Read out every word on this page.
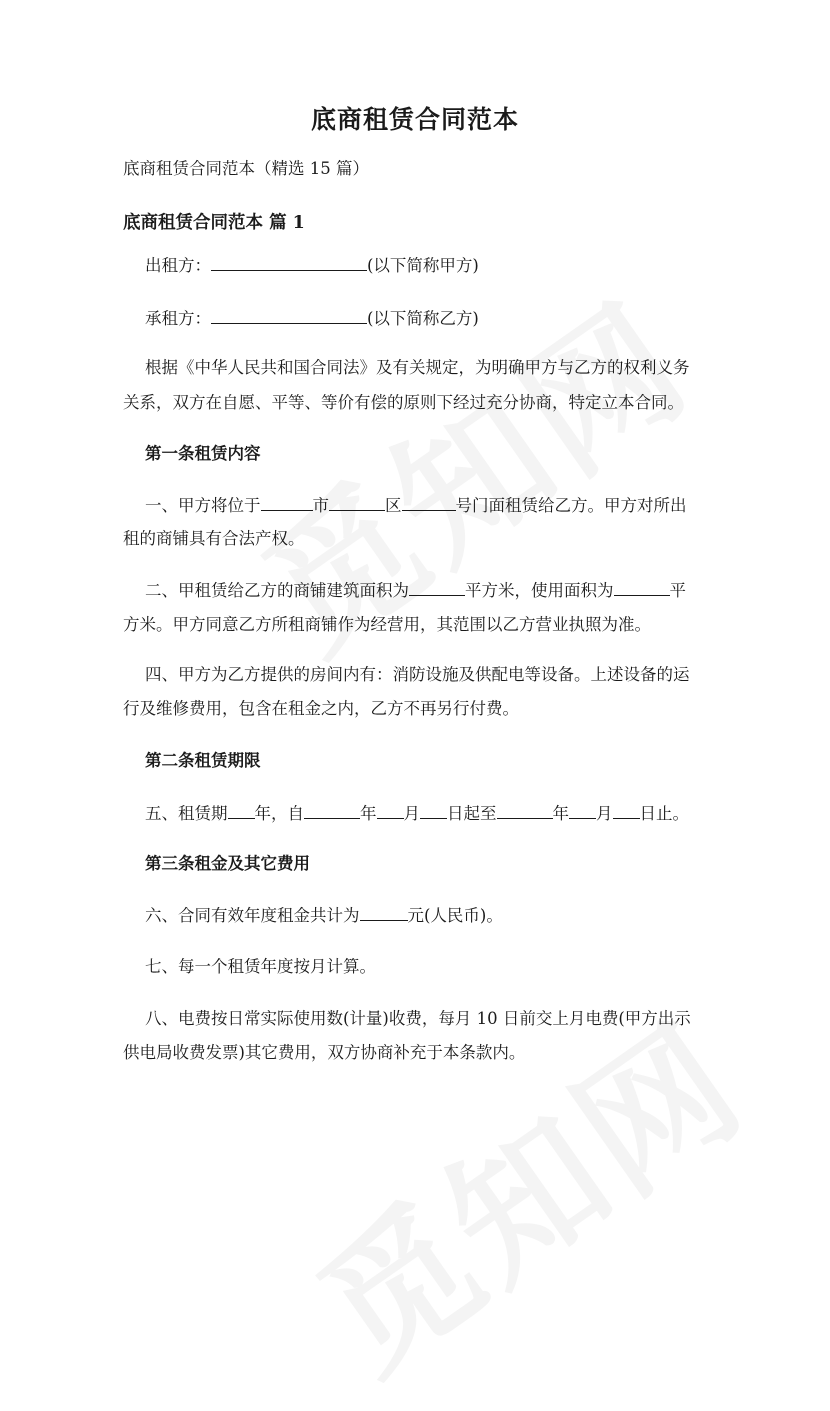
底商租赁合同范本
底商租赁合同范本（精选 15 篇）
底商租赁合同范本 篇 1
出租方：	(以下简称甲方)
承租方：	(以下简称乙方)
根据《中华人民共和国合同法》及有关规定，为明确甲方与乙方的权利义务
关系，双方在自愿、平等、等价有偿的原则下经过充分协商，特定立本合同。
第一条租赁内容
一、甲方将位于	市	区	号门面租赁给乙方。甲方对所出
租的商铺具有合法产权。
二、甲租赁给乙方的商铺建筑面积为	平方米，使用面积为	平
方米。甲方同意乙方所租商铺作为经营用，其范围以乙方营业执照为准。
四、甲方为乙方提供的房间内有：消防设施及供配电等设备。上述设备的运
行及维修费用，包含在租金之内，乙方不再另行付费。
第二条租赁期限
五、租赁期 年，自	年 月 日起至	年 月 日止。
第三条租金及其它费用
六、合同有效年度租金共计为	元(人民币)。
七、每一个租赁年度按月计算。
八、电费按日常实际使用数(计量)收费，每月 10 日前交上月电费(甲方出示
供电局收费发票)其它费用，双方协商补充于本条款内。
